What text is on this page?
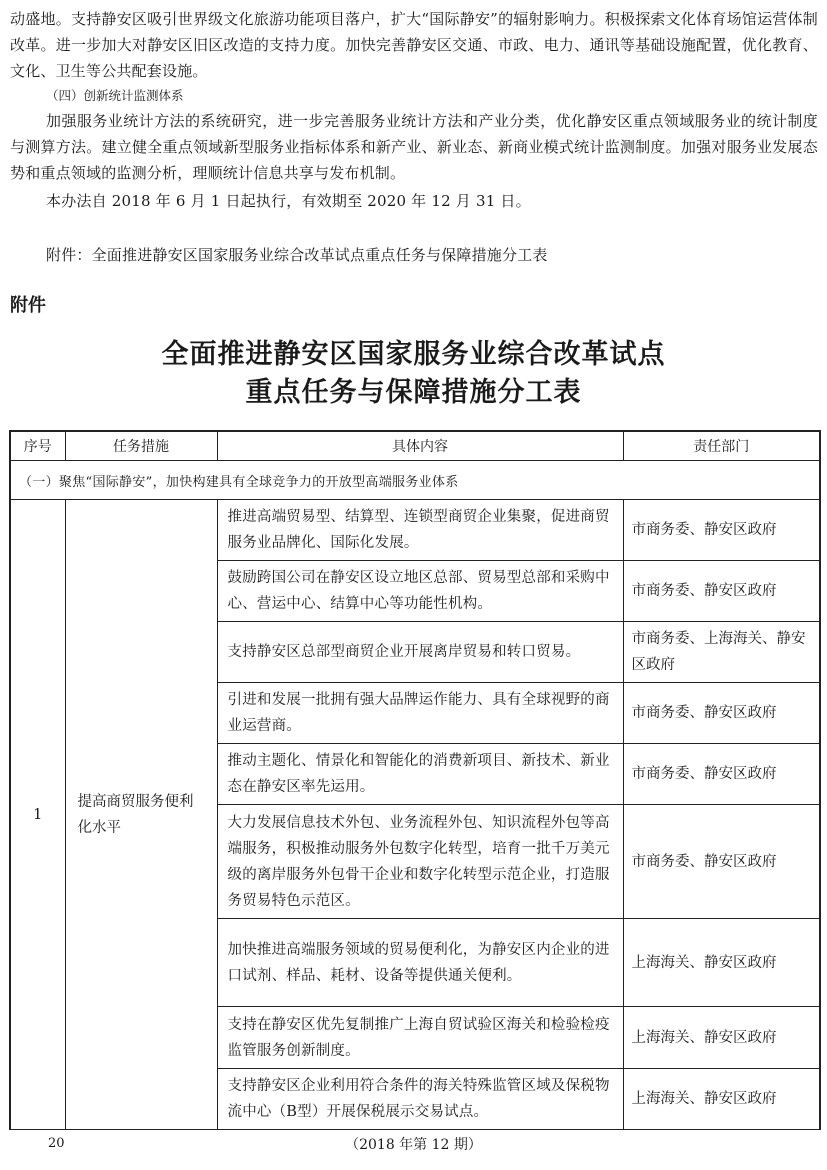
动盛地。支持静安区吸引世界级文化旅游功能项目落户，扩大“国际静安”的辐射影响力。积极探索文化体育场馆运营体制改革。进一步加大对静安区旧区改造的支持力度。加快完善静安区交通、市政、电力、通讯等基础设施配置，优化教育、文化、卫生等公共配套设施。

（四）创新统计监测体系

加强服务业统计方法的系统研究，进一步完善服务业统计方法和产业分类，优化静安区重点领域服务业的统计制度与测算方法。建立健全重点领域新型服务业指标体系和新产业、新业态、新商业模式统计监测制度。加强对服务业发展态势和重点领域的监测分析，理顺统计信息共享与发布机制。

本办法自 2018 年 6 月 1 日起执行，有效期至 2020 年 12 月 31 日。

附件：全面推进静安区国家服务业综合改革试点重点任务与保障措施分工表

附件
全面推进静安区国家服务业综合改革试点
重点任务与保障措施分工表
序号	任务措施	具体内容	责任部门
（一）聚焦“国际静安”，加快构建具有全球竞争力的开放型高端服务业体系			
1	提高商贸服务便利化水平	推进高端贸易型、结算型、连锁型商贸企业集聚，促进商贸服务业品牌化、国际化发展。	市商务委、静安区政府
		鼓励跨国公司在静安区设立地区总部、贸易型总部和采购中心、营运中心、结算中心等功能性机构。	市商务委、静安区政府
		支持静安区总部型商贸企业开展离岸贸易和转口贸易。	市商务委、上海海关、静安区政府
		引进和发展一批拥有强大品牌运作能力、具有全球视野的商业运营商。	市商务委、静安区政府
		推动主题化、情景化和智能化的消费新项目、新技术、新业态在静安区率先运用。	市商务委、静安区政府
		大力发展信息技术外包、业务流程外包、知识流程外包等高端服务，积极推动服务外包数字化转型，培育一批千万美元级的离岸服务外包骨干企业和数字化转型示范企业，打造服务贸易特色示范区。	市商务委、静安区政府
		加快推进高端服务领域的贸易便利化，为静安区内企业的进口试剂、样品、耗材、设备等提供通关便利。	上海海关、静安区政府
		支持在静安区优先复制推广上海自贸试验区海关和检验检疫监管服务创新制度。	上海海关、静安区政府
		支持静安区企业利用符合条件的海关特殊监管区域及保税物流中心（B型）开展保税展示交易试点。	上海海关、静安区政府
20	（2018 年第 12 期）
